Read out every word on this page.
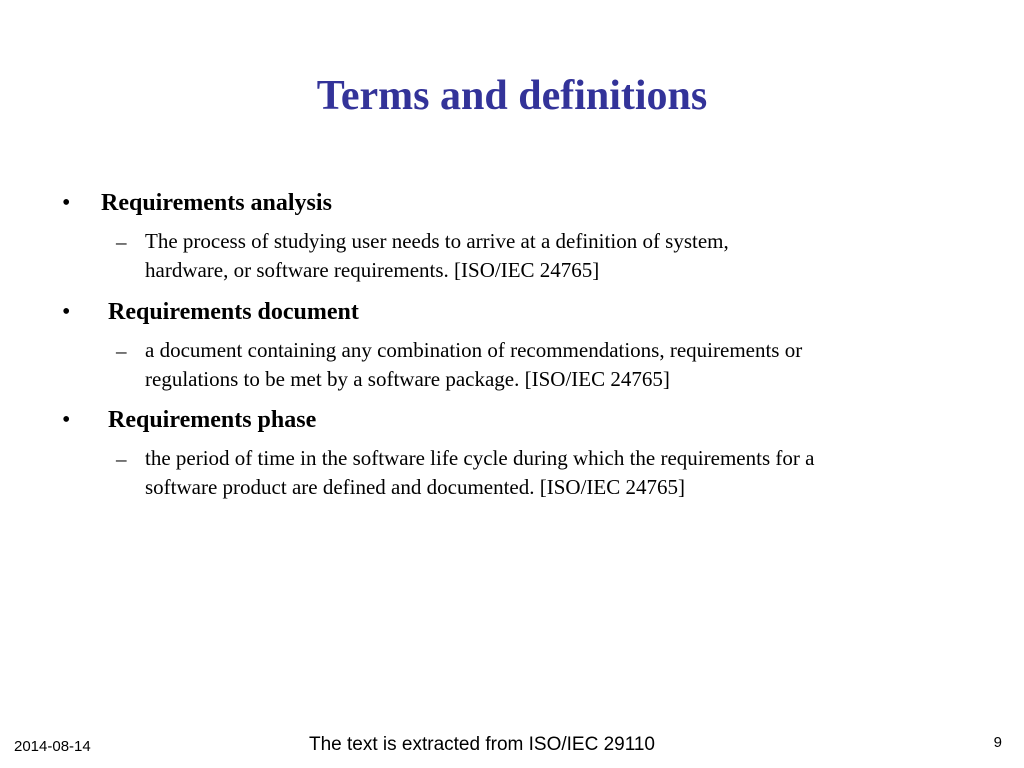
Terms and definitions
• Requirements analysis
– The process of studying user needs to arrive at a definition of system,
hardware, or software requirements. [ISO/IEC 24765]
• Requirements document
– a document containing any combination of recommendations, requirements or
regulations to be met by a software package. [ISO/IEC 24765]
• Requirements phase
– the period of time in the software life cycle during which the requirements for a
software product are defined and documented. [ISO/IEC 24765]
2014-08-14	The text is extracted from ISO/IEC 29110	9
